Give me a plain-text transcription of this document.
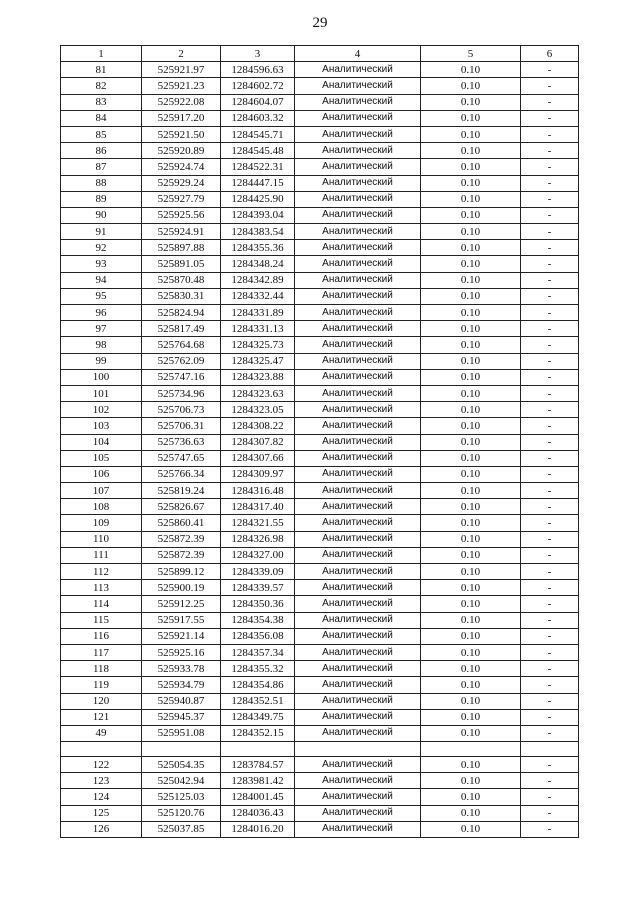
29
1	2	3	4	5	6
81	525921.97	1284596.63	Аналитический	0.10	-
82	525921.23	1284602.72	Аналитический	0.10	-
83	525922.08	1284604.07	Аналитический	0.10	-
84	525917.20	1284603.32	Аналитический	0.10	-
85	525921.50	1284545.71	Аналитический	0.10	-
86	525920.89	1284545.48	Аналитический	0.10	-
87	525924.74	1284522.31	Аналитический	0.10	-
88	525929.24	1284447.15	Аналитический	0.10	-
89	525927.79	1284425.90	Аналитический	0.10	-
90	525925.56	1284393.04	Аналитический	0.10	-
91	525924.91	1284383.54	Аналитический	0.10	-
92	525897.88	1284355.36	Аналитический	0.10	-
93	525891.05	1284348.24	Аналитический	0.10	-
94	525870.48	1284342.89	Аналитический	0.10	-
95	525830.31	1284332.44	Аналитический	0.10	-
96	525824.94	1284331.89	Аналитический	0.10	-
97	525817.49	1284331.13	Аналитический	0.10	-
98	525764.68	1284325.73	Аналитический	0.10	-
99	525762.09	1284325.47	Аналитический	0.10	-
100	525747.16	1284323.88	Аналитический	0.10	-
101	525734.96	1284323.63	Аналитический	0.10	-
102	525706.73	1284323.05	Аналитический	0.10	-
103	525706.31	1284308.22	Аналитический	0.10	-
104	525736.63	1284307.82	Аналитический	0.10	-
105	525747.65	1284307.66	Аналитический	0.10	-
106	525766.34	1284309.97	Аналитический	0.10	-
107	525819.24	1284316.48	Аналитический	0.10	-
108	525826.67	1284317.40	Аналитический	0.10	-
109	525860.41	1284321.55	Аналитический	0.10	-
110	525872.39	1284326.98	Аналитический	0.10	-
111	525872.39	1284327.00	Аналитический	0.10	-
112	525899.12	1284339.09	Аналитический	0.10	-
113	525900.19	1284339.57	Аналитический	0.10	-
114	525912.25	1284350.36	Аналитический	0.10	-
115	525917.55	1284354.38	Аналитический	0.10	-
116	525921.14	1284356.08	Аналитический	0.10	-
117	525925.16	1284357.34	Аналитический	0.10	-
118	525933.78	1284355.32	Аналитический	0.10	-
119	525934.79	1284354.86	Аналитический	0.10	-
120	525940.87	1284352.51	Аналитический	0.10	-
121	525945.37	1284349.75	Аналитический	0.10	-
49	525951.08	1284352.15	Аналитический	0.10	-

122	525054.35	1283784.57	Аналитический	0.10	-
123	525042.94	1283981.42	Аналитический	0.10	-
124	525125.03	1284001.45	Аналитический	0.10	-
125	525120.76	1284036.43	Аналитический	0.10	-
126	525037.85	1284016.20	Аналитический	0.10	-
